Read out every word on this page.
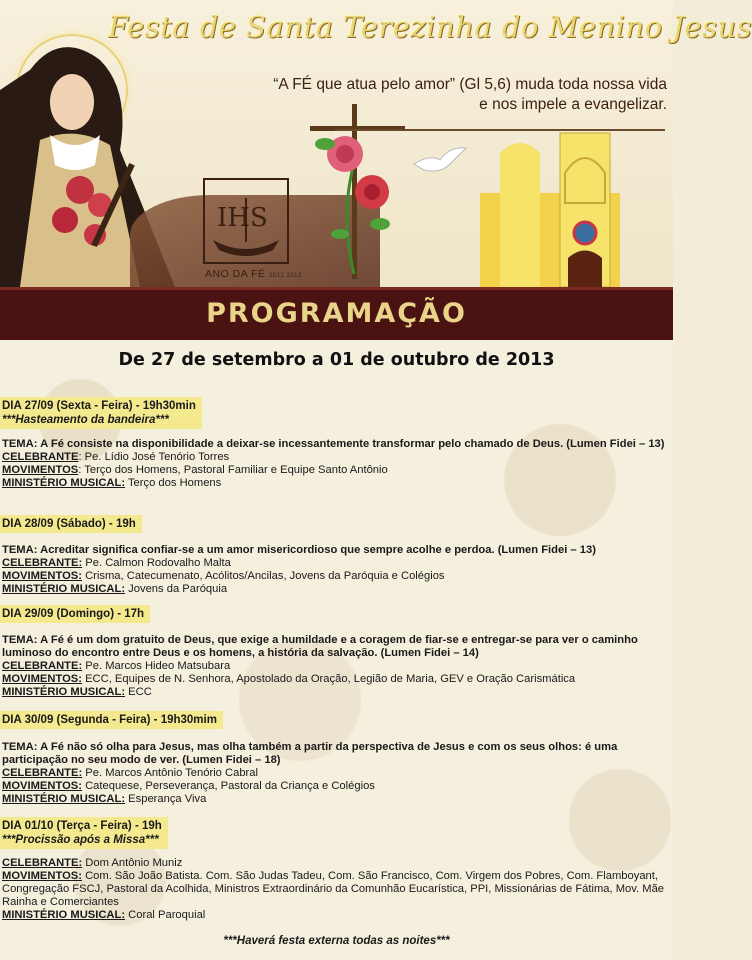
IHS
ANO DA FÉ 2012 2013
Festa de Santa Terezinha do Menino Jesus
“A FÉ que atua pelo amor” (Gl 5,6) muda toda nossa vida
e nos impele a evangelizar.
PROGRAMAÇÃO
De 27 de setembro a 01 de outubro de 2013
DIA 27/09 (Sexta - Feira) - 19h30min
***Hasteamento da bandeira***
TEMA: A Fé consiste na disponibilidade a deixar-se incessantemente transformar pelo chamado de Deus. (Lumen Fidei – 13)
CELEBRANTE: Pe. Lídio José Tenório Torres
MOVIMENTOS: Terço dos Homens, Pastoral Familiar e Equipe Santo Antônio
MINISTÉRIO MUSICAL: Terço dos Homens
DIA 28/09 (Sábado) - 19h
TEMA: Acreditar significa confiar-se a um amor misericordioso que sempre acolhe e perdoa. (Lumen Fidei – 13)
CELEBRANTE: Pe. Calmon Rodovalho Malta
MOVIMENTOS: Crisma, Catecumenato, Acólitos/Ancilas, Jovens da Paróquia e Colégios
MINISTÉRIO MUSICAL: Jovens da Paróquia
DIA 29/09 (Domingo) - 17h
TEMA: A Fé é um dom gratuito de Deus, que exige a humildade e a coragem de fiar-se e entregar-se para ver o caminho luminoso do encontro entre Deus e os homens, a história da salvação. (Lumen Fidei – 14)
CELEBRANTE: Pe. Marcos Hideo Matsubara
MOVIMENTOS: ECC, Equipes de N. Senhora, Apostolado da Oração, Legião de Maria, GEV e Oração Carismática
MINISTÉRIO MUSICAL: ECC
DIA 30/09 (Segunda - Feira) - 19h30mim
TEMA: A Fé não só olha para Jesus, mas olha também a partir da perspectiva de Jesus e com os seus olhos: é uma participação no seu modo de ver. (Lumen Fidei – 18)
CELEBRANTE: Pe. Marcos Antônio Tenório Cabral
MOVIMENTOS: Catequese, Perseverança, Pastoral da Criança e Colégios
MINISTÉRIO MUSICAL: Esperança Viva
DIA 01/10 (Terça - Feira) - 19h
***Procissão após a Missa***
CELEBRANTE: Dom Antônio Muniz
MOVIMENTOS: Com. São João Batista. Com. São Judas Tadeu, Com. São Francisco, Com. Virgem dos Pobres, Com. Flamboyant, Congregação FSCJ, Pastoral da Acolhida, Ministros Extraordinário da Comunhão Eucarística, PPI, Missionárias de Fátima, Mov. Mãe Rainha e Comerciantes
MINISTÉRIO MUSICAL: Coral Paroquial
***Haverá festa externa todas as noites***
